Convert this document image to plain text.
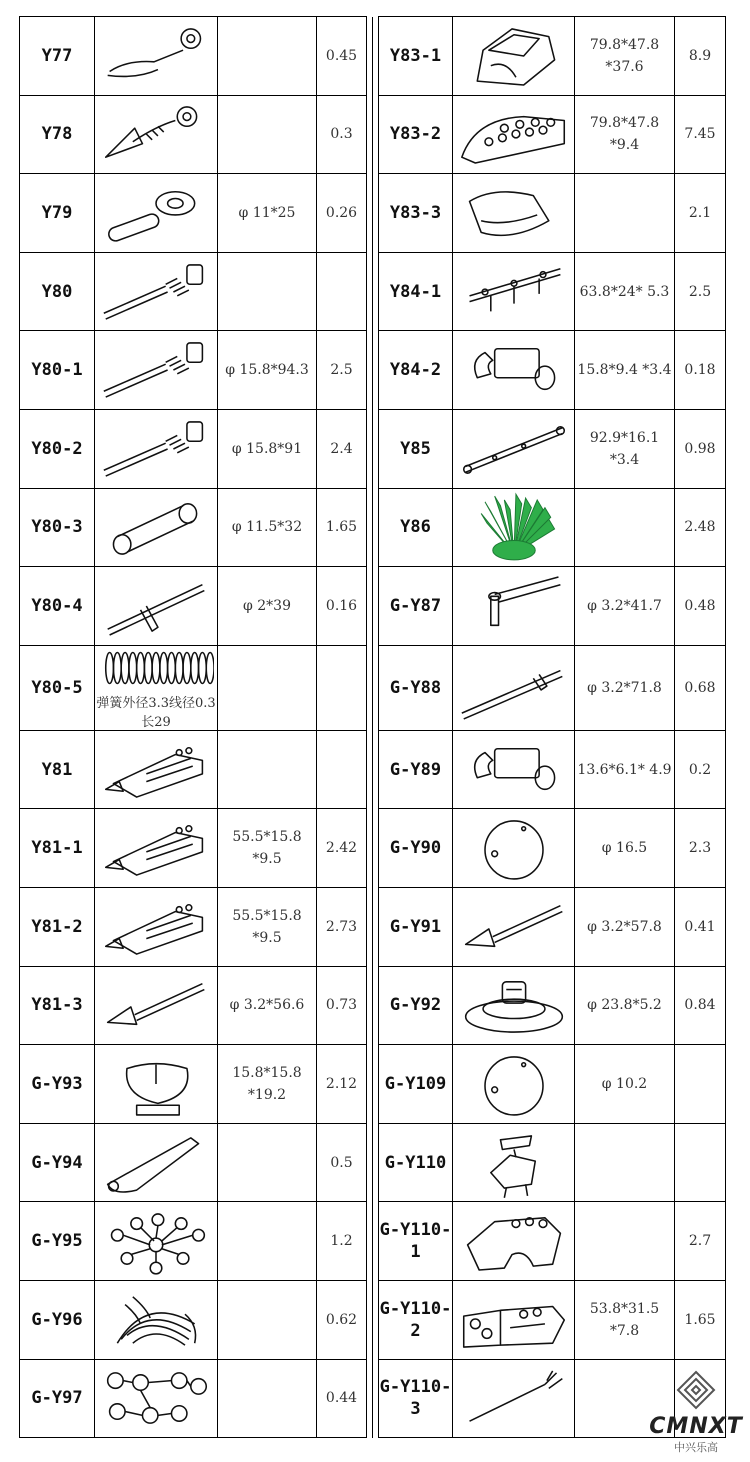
Y77			0.45			Y83-1		79.8*47.8 *37.6	8.9
Y78			0.3			Y83-2		79.8*47.8 *9.4	7.45
Y79		φ 11*25	0.26			Y83-3			2.1
Y80						Y84-1		63.8*24* 5.3	2.5
Y80-1		φ 15.8*94.3	2.5			Y84-2		15.8*9.4 *3.4	0.18
Y80-2		φ 15.8*91	2.4			Y85		92.9*16.1 *3.4	0.98
Y80-3		φ 11.5*32	1.65			Y86			2.48
Y80-4		φ 2*39	0.16			G-Y87		φ 3.2*41.7	0.48
Y80-5	弹簧外径3.3线径0.3长29					G-Y88		φ 3.2*71.8	0.68
Y81						G-Y89		13.6*6.1* 4.9	0.2
Y81-1		55.5*15.8 *9.5	2.42			G-Y90		φ 16.5	2.3
Y81-2		55.5*15.8 *9.5	2.73			G-Y91		φ 3.2*57.8	0.41
Y81-3		φ 3.2*56.6	0.73			G-Y92		φ 23.8*5.2	0.84
G-Y93		15.8*15.8 *19.2	2.12			G-Y109		φ 10.2	
G-Y94			0.5			G-Y110	

G-Y95			1.2			G-Y110-1			2.7
G-Y96			0.62			G-Y110-2		53.8*31.5 *7.8	1.65
G-Y97			0.44			G-Y110-3	

CMNXT
中兴乐高
